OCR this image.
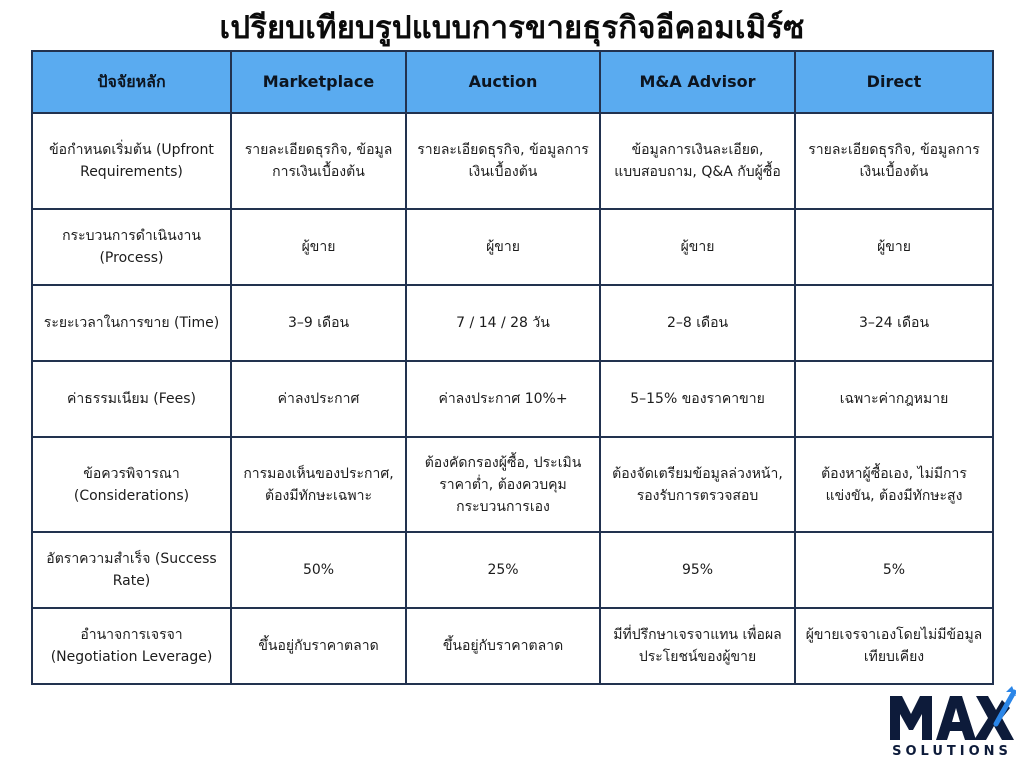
เปรียบเทียบรูปแบบการขายธุรกิจอีคอมเมิร์ซ
ปัจจัยหลัก	Marketplace	Auction	M&A Advisor	Direct
ข้อกำหนดเริ่มต้น (Upfront Requirements)	รายละเอียดธุรกิจ, ข้อมูลการเงินเบื้องต้น	รายละเอียดธุรกิจ, ข้อมูลการเงินเบื้องต้น	ข้อมูลการเงินละเอียด, แบบสอบถาม, Q&A กับผู้ซื้อ	รายละเอียดธุรกิจ, ข้อมูลการเงินเบื้องต้น
กระบวนการดำเนินงาน (Process)	ผู้ขาย	ผู้ขาย	ผู้ขาย	ผู้ขาย
ระยะเวลาในการขาย (Time)	3–9 เดือน	7 / 14 / 28 วัน	2–8 เดือน	3–24 เดือน
ค่าธรรมเนียม (Fees)	ค่าลงประกาศ	ค่าลงประกาศ 10%+	5–15% ของราคาขาย	เฉพาะค่ากฎหมาย
ข้อควรพิจารณา (Considerations)	การมองเห็นของประกาศ, ต้องมีทักษะเฉพาะ	ต้องคัดกรองผู้ซื้อ, ประเมินราคาต่ำ, ต้องควบคุมกระบวนการเอง	ต้องจัดเตรียมข้อมูลล่วงหน้า, รองรับการตรวจสอบ	ต้องหาผู้ซื้อเอง, ไม่มีการแข่งขัน, ต้องมีทักษะสูง
อัตราความสำเร็จ (Success Rate)	50%	25%	95%	5%
อำนาจการเจรจา (Negotiation Leverage)	ขึ้นอยู่กับราคาตลาด	ขึ้นอยู่กับราคาตลาด	มีที่ปรึกษาเจรจาแทน เพื่อผลประโยชน์ของผู้ขาย	ผู้ขายเจรจาเองโดยไม่มีข้อมูลเทียบเคียง
SOLUTIONS
